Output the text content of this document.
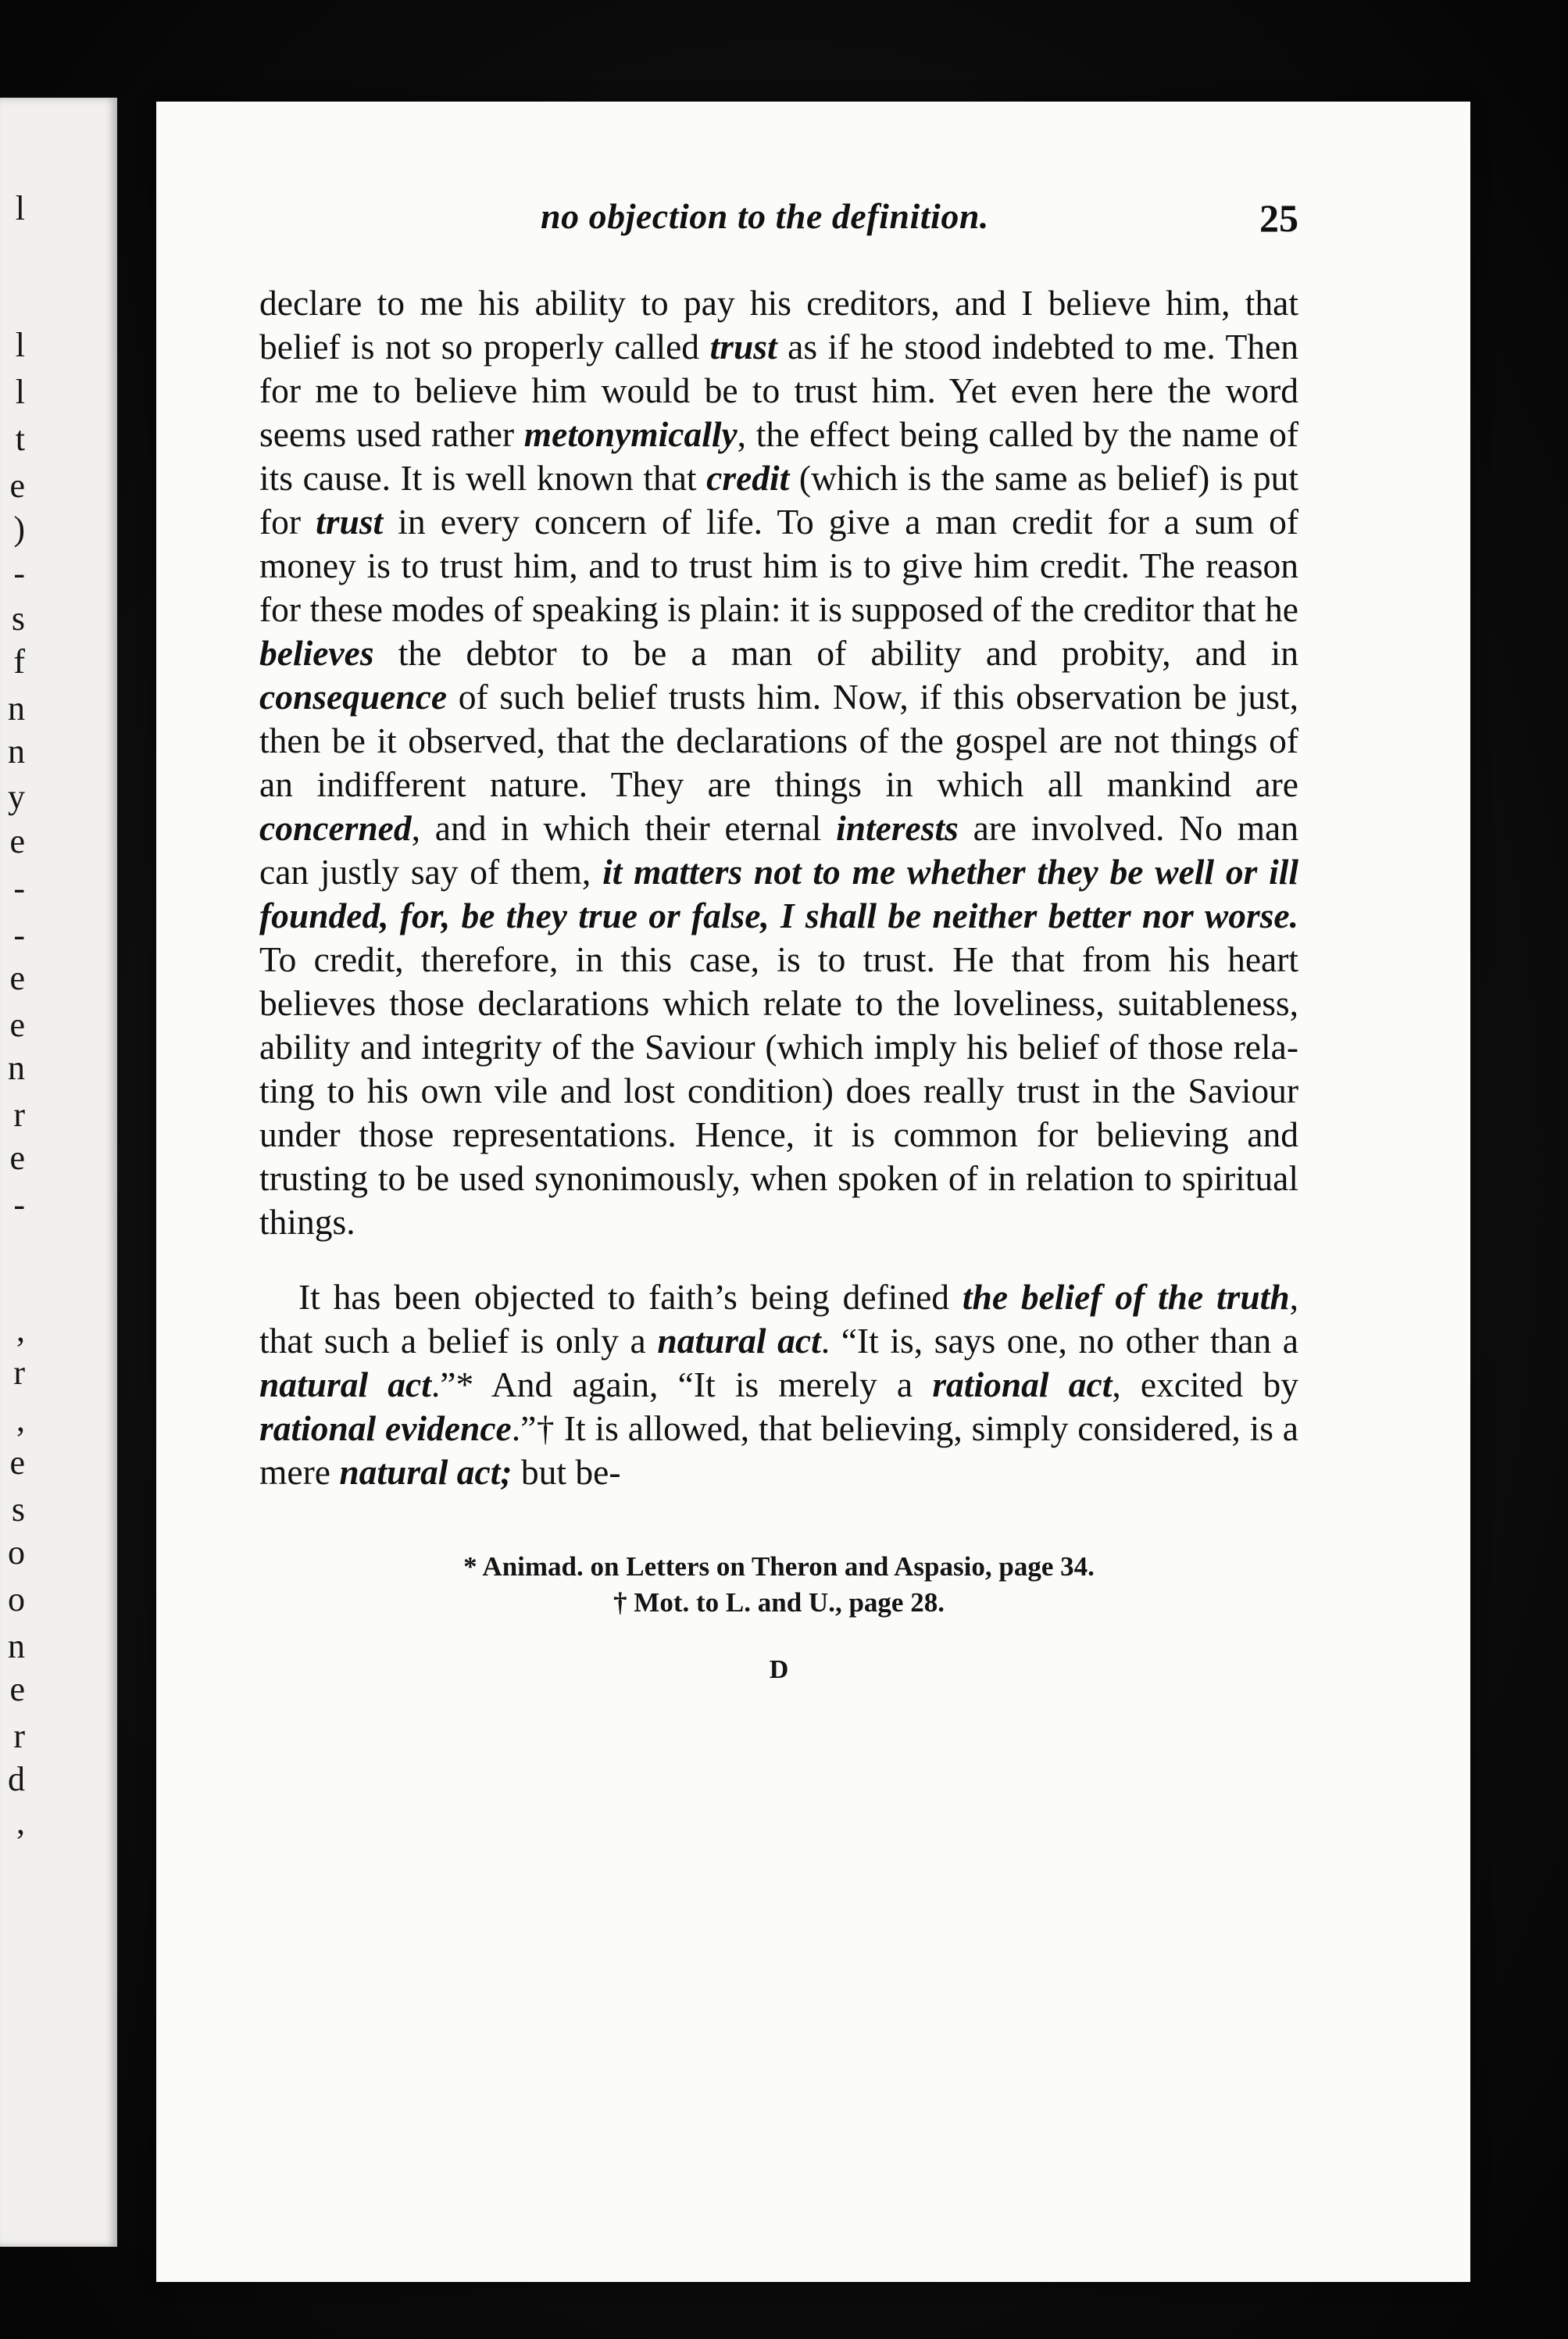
l
l
l
t
e
)
-
s
f
n
n
y
e
-
-
e
e
n
r
e
-
,
r
,
e
s
o
o
n
e
r
d
,
no objection to the definition.	25

declare to me his ability to pay his creditors, and I believe him, that belief is not so properly called trust as if he stood indebted to me. Then for me to believe him would be to trust him. Yet even here the word seems used rather metonymically, the effect being called by the name of its cause. It is well known that credit (which is the same as belief) is put for trust in every concern of life. To give a man credit for a sum of money is to trust him, and to trust him is to give him credit. The reason for these modes of speaking is plain: it is supposed of the creditor that he believes the debtor to be a man of ability and probity, and in consequence of such belief trusts him. Now, if this observation be just, then be it observed, that the declarations of the gospel are not things of an indifferent nature. They are things in which all mankind are concerned, and in which their eternal interests are involved. No man can justly say of them, it matters not to me whether they be well or ill founded, for, be they true or false, I shall be neither better nor worse. To credit, therefore, in this case, is to trust. He that from his heart believes those declarations which relate to the loveliness, suitableness, ability and integrity of the Saviour (which imply his belief of those relating to his own vile and lost condition) does really trust in the Saviour under those representations. Hence, it is common for believing and trusting to be used synonimously, when spoken of in relation to spiritual things.

It has been objected to faith’s being defined the belief of the truth, that such a belief is only a natural act. “It is, says one, no other than a natural act.”* And again, “It is merely a rational act, excited by rational evidence.”† It is allowed, that believing, simply considered, is a mere natural act; but be-

* Animad. on Letters on Theron and Aspasio, page 34.
† Mot. to L. and U., page 28.
D
